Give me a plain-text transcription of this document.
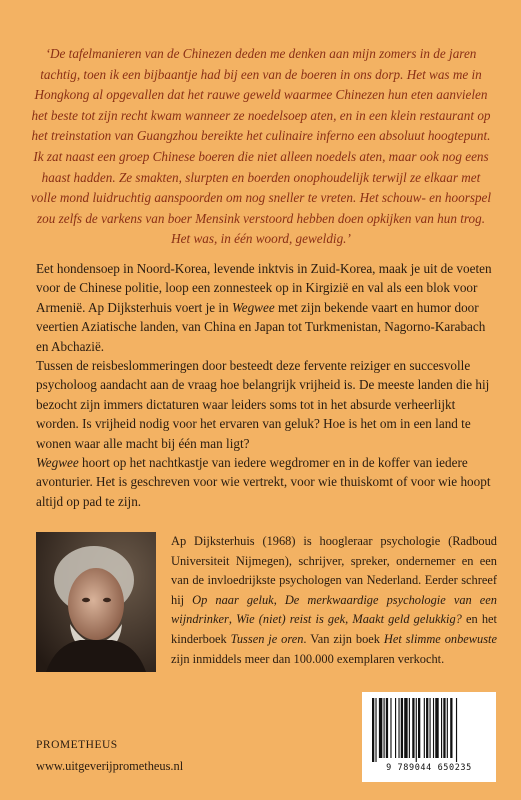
‘De tafelmanieren van de Chinezen deden me denken aan mijn zomers in de jaren tachtig, toen ik een bijbaantje had bij een van de boeren in ons dorp. Het was me in Hongkong al opgevallen dat het rauwe geweld waarmee Chinezen hun eten aanvielen het beste tot zijn recht kwam wanneer ze noedelsoep aten, en in een klein restaurant op het treinstation van Guangzhou bereikte het culinaire inferno een absoluut hoogtepunt. Ik zat naast een groep Chinese boeren die niet alleen noedels aten, maar ook nog eens haast hadden. Ze smakten, slurpten en boerden onophoudelijk terwijl ze elkaar met volle mond luidruchtig aanspoorden om nog sneller te vreten. Het schouw- en hoorspel zou zelfs de varkens van boer Mensink verstoord hebben doen opkijken van hun trog. Het was, in één woord, geweldig.’

Eet hondensoep in Noord-Korea, levende inktvis in Zuid-Korea, maak je uit de voeten voor de Chinese politie, loop een zonnesteek op in Kirgizië en val als een blok voor Armenië. Ap Dijksterhuis voert je in Wegwee met zijn bekende vaart en humor door veertien Aziatische landen, van China en Japan tot Turkmenistan, Nagorno-Karabach en Abchazië.

Tussen de reisbeslommeringen door besteedt deze fervente reiziger en succesvolle psycholoog aandacht aan de vraag hoe belangrijk vrijheid is. De meeste landen die hij bezocht zijn immers dictaturen waar leiders soms tot in het absurde verheerlijkt worden. Is vrijheid nodig voor het ervaren van geluk? Hoe is het om in een land te wonen waar alle macht bij één man ligt?

Wegwee hoort op het nachtkastje van iedere wegdromer en in de koffer van iedere avonturier. Het is geschreven voor wie vertrekt, voor wie thuiskomt of voor wie hoopt altijd op pad te zijn.

Ap Dijksterhuis (1968) is hoogleraar psychologie (Radboud Universiteit Nijmegen), schrijver, spreker, ondernemer en een van de invloedrijkste psychologen van Nederland. Eerder schreef hij Op naar geluk, De merkwaardige psychologie van een wijndrinker, Wie (niet) reist is gek, Maakt geld gelukkig? en het kinderboek Tussen je oren. Van zijn boek Het slimme onbewuste zijn inmiddels meer dan 100.000 exemplaren verkocht.

PROMETHEUS
www.uitgeverijprometheus.nl	9 789044 650235
